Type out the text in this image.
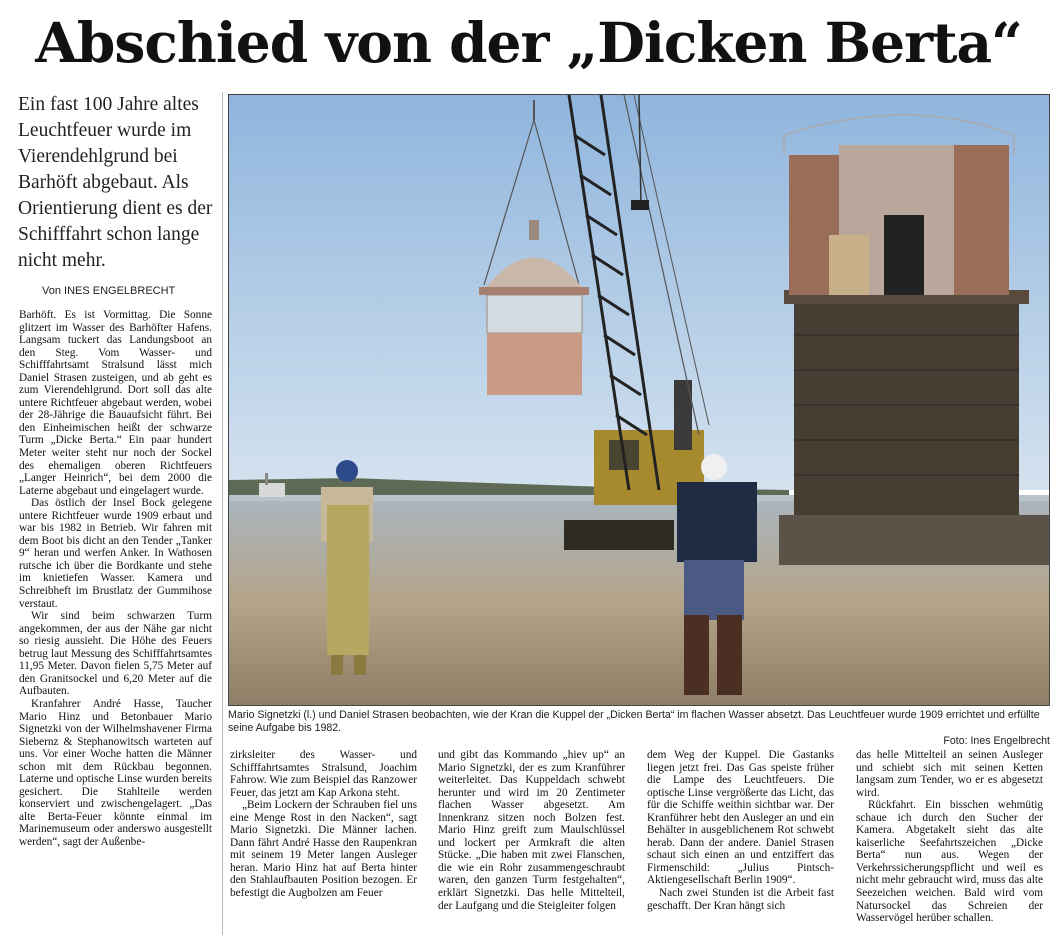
Abschied von der „Dicken Berta“
Ein fast 100 Jahre altes Leuchtfeuer wurde im Vierendehlgrund bei Barhöft abgebaut. Als Orientierung dient es der Schifffahrt schon lange nicht mehr.
Von INES ENGELBRECHT

Barhöft. Es ist Vormittag. Die Sonne glitzert im Wasser des Barhöfter Hafens. Langsam tuckert das Landungsboot an den Steg. Vom Wasser- und Schifffahrtsamt Stralsund lässt mich Daniel Strasen zusteigen, und ab geht es zum Vierendehlgrund. Dort soll das alte untere Richtfeuer abgebaut werden, wobei der 28-Jährige die Bauaufsicht führt. Bei den Einheimischen heißt der schwarze Turm „Dicke Berta.“ Ein paar hundert Meter weiter steht nur noch der Sockel des ehemaligen oberen Richtfeuers „Langer Heinrich“, bei dem 2000 die Laterne abgebaut und eingelagert wurde.

Das östlich der Insel Bock gelegene untere Richtfeuer wurde 1909 erbaut und war bis 1982 in Betrieb. Wir fahren mit dem Boot bis dicht an den Tender „Tanker 9“ heran und werfen Anker. In Wathosen rutsche ich über die Bordkante und stehe im knietiefen Wasser. Kamera und Schreibheft im Brustlatz der Gummihose verstaut.

Wir sind beim schwarzen Turm angekommen, der aus der Nähe gar nicht so riesig aussieht. Die Höhe des Feuers betrug laut Messung des Schifffahrtsamtes 11,95 Meter. Davon fielen 5,75 Meter auf den Granitsockel und 6,20 Meter auf die Aufbauten.

Kranfahrer André Hasse, Taucher Mario Hinz und Betonbauer Mario Signetzki von der Wilhelmshavener Firma Siebernz & Stephanowitsch warteten auf uns. Vor einer Woche hatten die Männer schon mit dem Rückbau begonnen. Laterne und optische Linse wurden bereits gesichert. Die Stahlteile werden konserviert und zwischengelagert. „Das alte Berta-Feuer könnte einmal im Marinemuseum oder anderswo ausgestellt werden“, sagt der Außenbe-

Mario Signetzki (l.) und Daniel Strasen beobachten, wie der Kran die Kuppel der „Dicken Berta“ im flachen Wasser absetzt. Das Leuchtfeuer wurde 1909 errichtet und erfüllte seine Aufgabe bis 1982.
Foto: Ines Engelbrecht

zirksleiter des Wasser- und Schifffahrtsamtes Stralsund, Joachim Fahrow. Wie zum Beispiel das Ranzower Feuer, das jetzt am Kap Arkona steht.

„Beim Lockern der Schrauben fiel uns eine Menge Rost in den Nacken“, sagt Mario Signetzki. Die Männer lachen. Dann fährt André Hasse den Raupenkran mit seinem 19 Meter langen Ausleger heran. Mario Hinz hat auf Berta hinter den Stahlaufbauten Position bezogen. Er befestigt die Augbolzen am Feuer

und gibt das Kommando „hiev up“ an Mario Signetzki, der es zum Kranführer weiterleitet. Das Kuppeldach schwebt herunter und wird im 20 Zentimeter flachen Wasser abgesetzt. Am Innenkranz sitzen noch Bolzen fest. Mario Hinz greift zum Maulschlüssel und lockert per Armkraft die alten Stücke. „Die haben mit zwei Flanschen, die wie ein Rohr zusammengeschraubt waren, den ganzen Turm festgehalten“, erklärt Signetzki. Das helle Mittelteil, der Laufgang und die Steigleiter folgen

dem Weg der Kuppel. Die Gastanks liegen jetzt frei. Das Gas speiste früher die Lampe des Leuchtfeuers. Die optische Linse vergrößerte das Licht, das für die Schiffe weithin sichtbar war. Der Kranführer hebt den Ausleger an und ein Behälter in ausgeblichenem Rot schwebt herab. Dann der andere. Daniel Strasen schaut sich einen an und entziffert das Firmenschild: „Julius Pintsch-Aktiengesellschaft Berlin 1909“.

Nach zwei Stunden ist die Arbeit fast geschafft. Der Kran hängt sich

das helle Mittelteil an seinen Ausleger und schiebt sich mit seinen Ketten langsam zum Tender, wo er es abgesetzt wird.

Rückfahrt. Ein bisschen wehmütig schaue ich durch den Sucher der Kamera. Abgetakelt sieht das alte kaiserliche Seefahrtszeichen „Dicke Berta“ nun aus. Wegen der Verkehrssicherungspflicht und weil es nicht mehr gebraucht wird, muss das alte Seezeichen weichen. Bald wird vom Natursockel das Schreien der Wasservögel herüber schallen.
